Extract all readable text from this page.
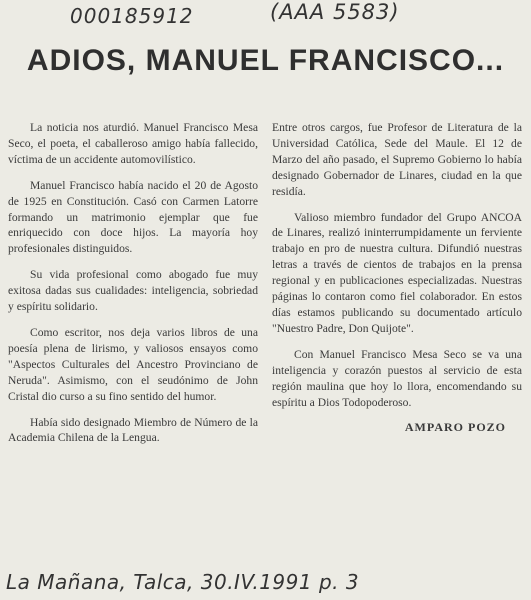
000185912	(AAA 5583)
ADIOS, MANUEL FRANCISCO...

La noticia nos aturdió. Manuel Francisco Mesa Seco, el poeta, el caballeroso amigo había fallecido, víctima de un accidente automovilístico.

Manuel Francisco había nacido el 20 de Agosto de 1925 en Constitución. Casó con Carmen Latorre formando un matrimonio ejemplar que fue enriquecido con doce hijos. La mayoría hoy profesionales distinguidos.

Su vida profesional como abogado fue muy exitosa dadas sus cualidades: inteligencia, sobriedad y espíritu solidario.

Como escritor, nos deja varios libros de una poesía plena de lirismo, y valiosos ensayos como "Aspectos Culturales del Ancestro Provinciano de Neruda". Asimismo, con el seudónimo de John Cristal dio curso a su fino sentido del humor.

Había sido designado Miembro de Número de la Academia Chilena de la Lengua.

Entre otros cargos, fue Profesor de Literatura de la Universidad Católica, Sede del Maule. El 12 de Marzo del año pasado, el Supremo Gobierno lo había designado Gobernador de Linares, ciudad en la que residía.

Valioso miembro fundador del Grupo ANCOA de Linares, realizó ininterrumpidamente un ferviente trabajo en pro de nuestra cultura. Difundió nuestras letras a través de cientos de trabajos en la prensa regional y en publicaciones especializadas. Nuestras páginas lo contaron como fiel colaborador. En estos días estamos publicando su documentado artículo "Nuestro Padre, Don Quijote".

Con Manuel Francisco Mesa Seco se va una inteligencia y corazón puestos al servicio de esta región maulina que hoy lo llora, encomendando su espíritu a Dios Todopoderoso.

AMPARO POZO
La Mañana, Talca, 30.IV.1991 p. 3
